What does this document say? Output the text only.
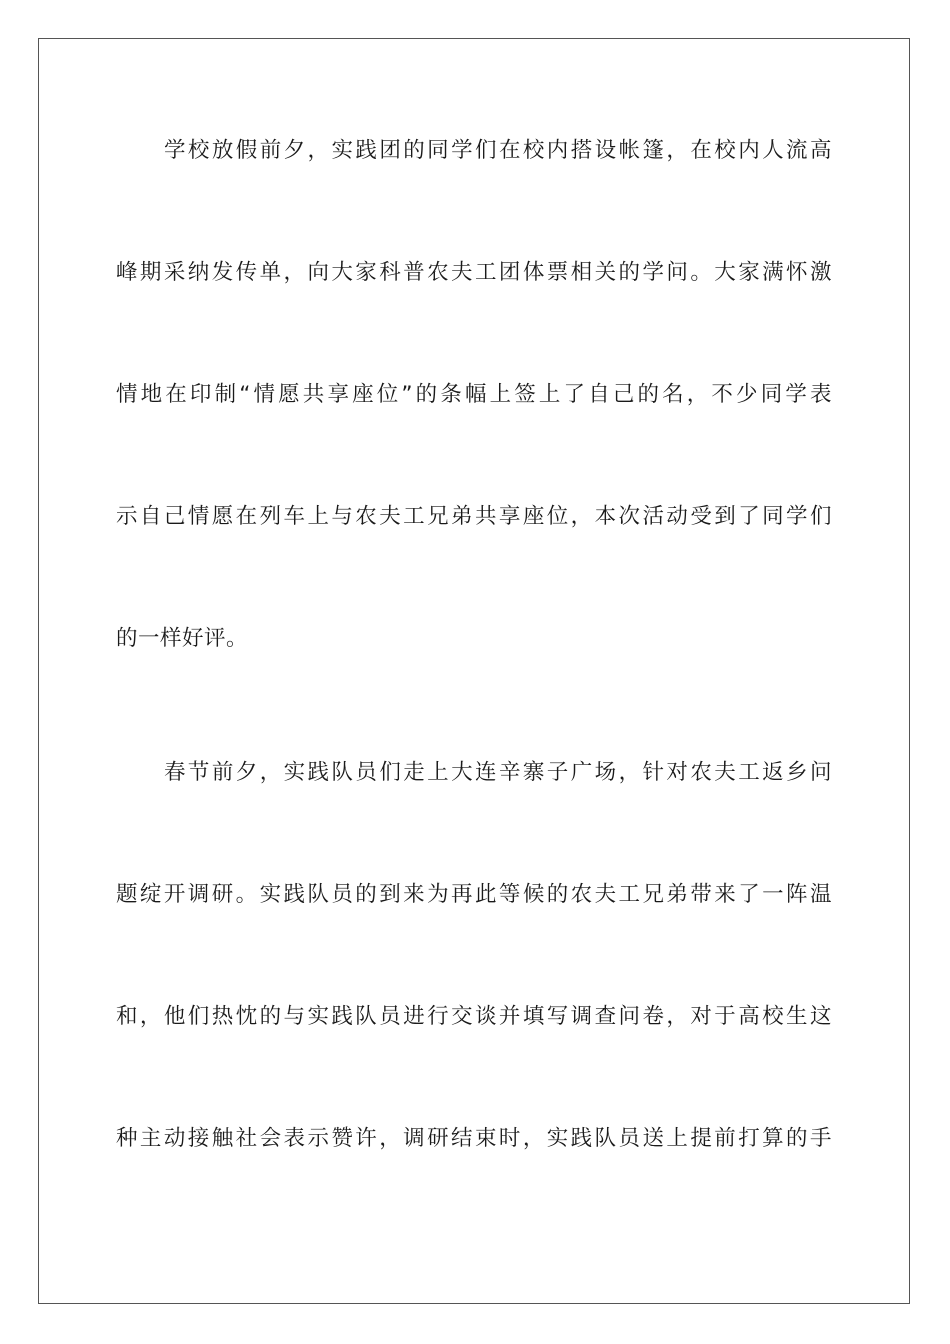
学校放假前夕，实践团的同学们在校内搭设帐篷，在校内人流高
峰期采纳发传单，向大家科普农夫工团体票相关的学问。大家满怀激
情地在印制“情愿共享座位”的条幅上签上了自己的名，不少同学表
示自己情愿在列车上与农夫工兄弟共享座位，本次活动受到了同学们
的一样好评。
春节前夕，实践队员们走上大连辛寨子广场，针对农夫工返乡问
题绽开调研。实践队员的到来为再此等候的农夫工兄弟带来了一阵温
和，他们热忱的与实践队员进行交谈并填写调查问卷，对于高校生这
种主动接触社会表示赞许，调研结束时，实践队员送上提前打算的手
